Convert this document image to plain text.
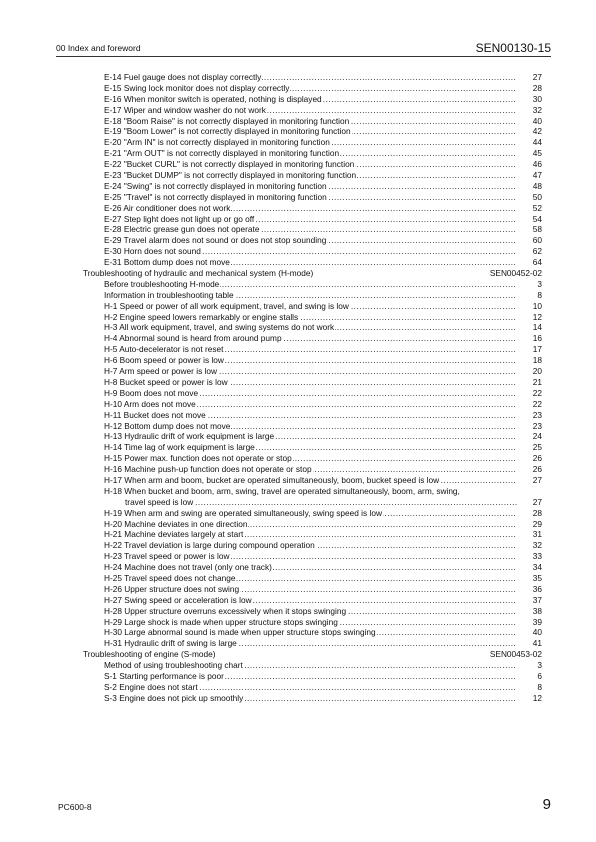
00 Index and foreword	SEN00130-15
.....
E-14 Fuel gauge does not display correctly	27
.....
E-15 Swing lock monitor does not display correctly	28
.....
E-16 When monitor switch is operated, nothing is displayed	30
.....
E-17 Wiper and window washer do not work	32
.....
E-18 "Boom Raise" is not correctly displayed in monitoring function	40
.....
E-19 "Boom Lower" is not correctly displayed in monitoring function	42
.....
E-20 "Arm IN" is not correctly displayed in monitoring function	44
.....
E-21 "Arm OUT" is not correctly displayed in monitoring function	45
.....
E-22 "Bucket CURL" is not correctly displayed in monitoring function	46
.....
E-23 "Bucket DUMP" is not correctly displayed in monitoring function	47
.....
E-24 "Swing" is not correctly displayed in monitoring function	48
.....
E-25 "Travel" is not correctly displayed in monitoring function	50
.....
E-26 Air conditioner does not work	52
.....
E-27 Step light does not light up or go off	54
.....
E-28 Electric grease gun does not operate	58
.....
E-29 Travel alarm does not sound or does not stop sounding	60
.....
E-30 Horn does not sound	62
.....
E-31 Bottom dump does not move	64
Troubleshooting of hydraulic and mechanical system (H-mode)	SEN00452-02
.....
Before troubleshooting H-mode	3
.....
Information in troubleshooting table	8
.....
H-1 Speed or power of all work equipment, travel, and swing is low	10
.....
H-2 Engine speed lowers remarkably or engine stalls	12
.....
H-3 All work equipment, travel, and swing systems do not work	14
.....
H-4 Abnormal sound is heard from around pump	16
.....
H-5 Auto-decelerator is not reset	17
.....
H-6 Boom speed or power is low	18
.....
H-7 Arm speed or power is low	20
.....
H-8 Bucket speed or power is low	21
.....
H-9 Boom does not move	22
.....
H-10 Arm does not move	22
.....
H-11 Bucket does not move	23
.....
H-12 Bottom dump does not move	23
.....
H-13 Hydraulic drift of work equipment is large	24
.....
H-14 Time lag of work equipment is large	25
.....
H-15 Power max. function does not operate or stop	26
.....
H-16 Machine push-up function does not operate or stop	26
.....
H-17 When arm and boom, bucket are operated simultaneously, boom, bucket speed is low	27
H-18 When bucket and boom, arm, swing, travel are operated simultaneously, boom, arm, swing,
.....
travel speed is low	27
.....
H-19 When arm and swing are operated simultaneously, swing speed is low	28
.....
H-20 Machine deviates in one direction	29
.....
H-21 Machine deviates largely at start	31
.....
H-22 Travel deviation is large during compound operation	32
.....
H-23 Travel speed or power is low	33
.....
H-24 Machine does not travel (only one track)	34
.....
H-25 Travel speed does not change	35
.....
H-26 Upper structure does not swing	36
.....
H-27 Swing speed or acceleration is low	37
.....
H-28 Upper structure overruns excessively when it stops swinging	38
.....
H-29 Large shock is made when upper structure stops swinging	39
.....
H-30 Large abnormal sound is made when upper structure stops swinging	40
.....
H-31 Hydraulic drift of swing is large	41
Troubleshooting of engine (S-mode)	SEN00453-02
.....
Method of using troubleshooting chart	3
.....
S-1 Starting performance is poor	6
.....
S-2 Engine does not start	8
.....
S-3 Engine does not pick up smoothly	12
PC600-8	9
